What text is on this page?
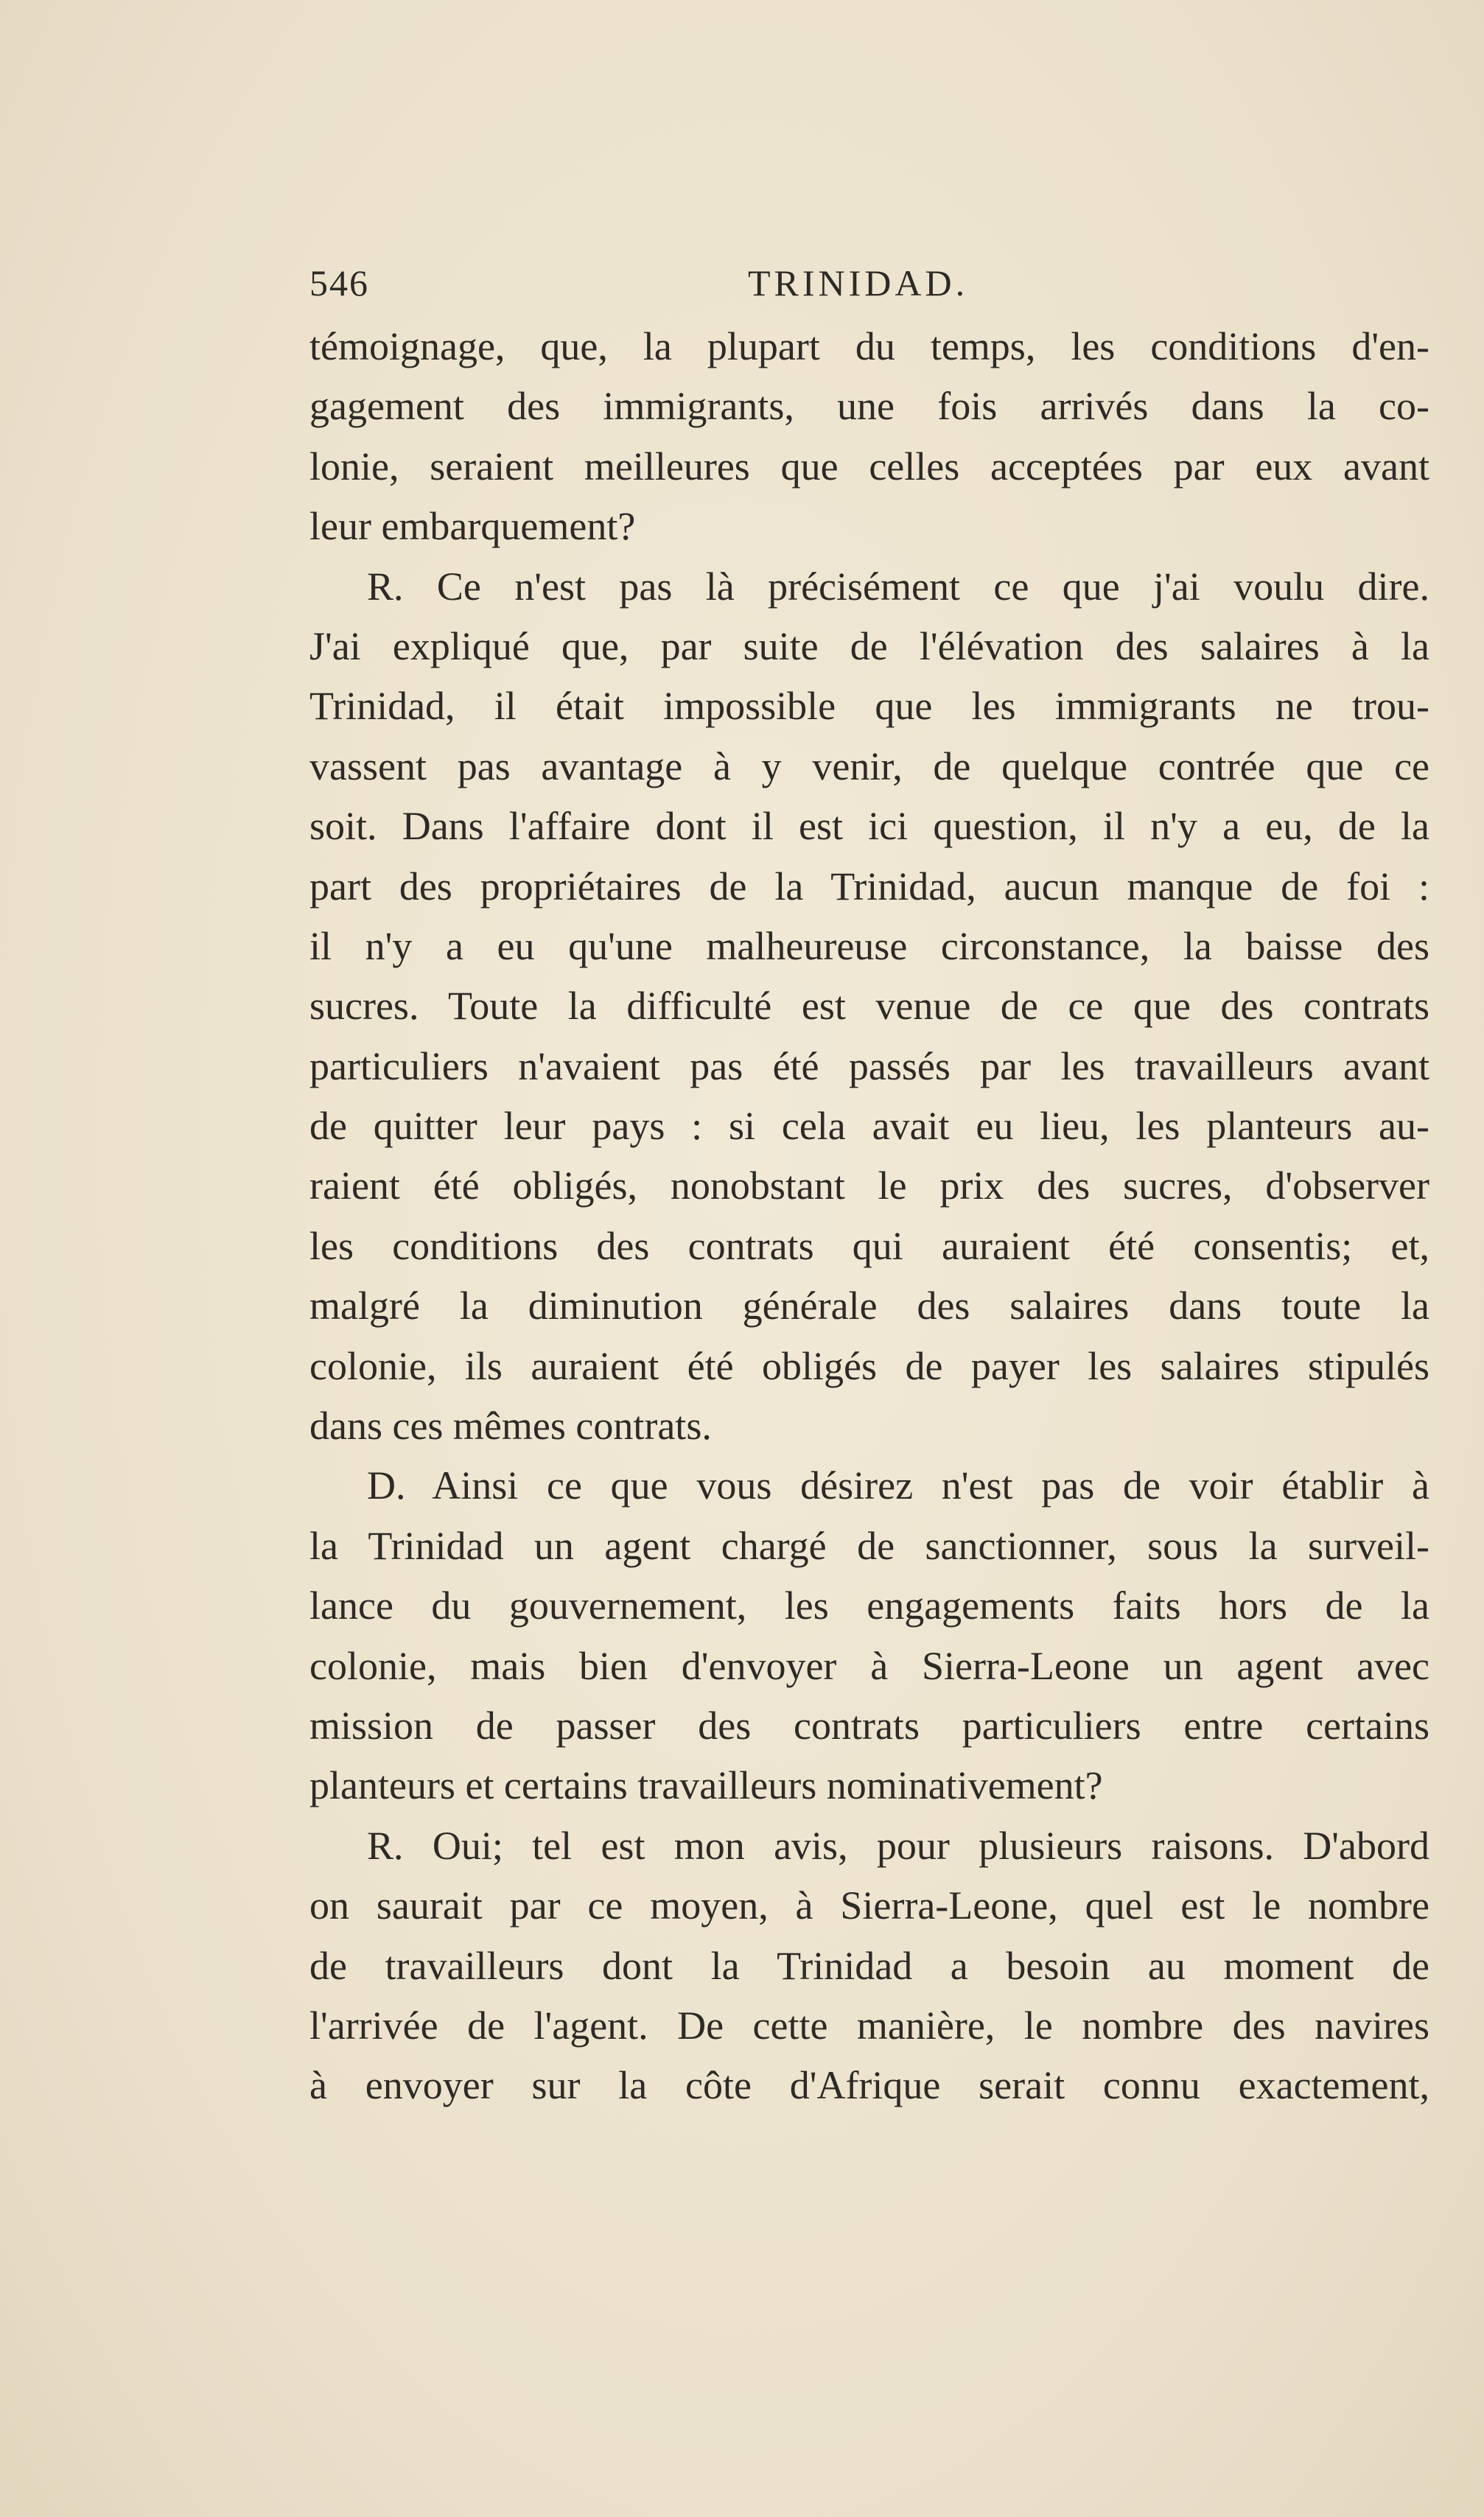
546	TRINIDAD.
témoignage, que, la plupart du temps, les conditions d'en-
gagement des immigrants, une fois arrivés dans la co-
lonie, seraient meilleures que celles acceptées par eux avant
leur embarquement?
R. Ce n'est pas là précisément ce que j'ai voulu dire.
J'ai expliqué que, par suite de l'élévation des salaires à la
Trinidad, il était impossible que les immigrants ne trou-
vassent pas avantage à y venir, de quelque contrée que ce
soit. Dans l'affaire dont il est ici question, il n'y a eu, de la
part des propriétaires de la Trinidad, aucun manque de foi :
il n'y a eu qu'une malheureuse circonstance, la baisse des
sucres. Toute la difficulté est venue de ce que des contrats
particuliers n'avaient pas été passés par les travailleurs avant
de quitter leur pays : si cela avait eu lieu, les planteurs au-
raient été obligés, nonobstant le prix des sucres, d'observer
les conditions des contrats qui auraient été consentis; et,
malgré la diminution générale des salaires dans toute la
colonie, ils auraient été obligés de payer les salaires stipulés
dans ces mêmes contrats.
D. Ainsi ce que vous désirez n'est pas de voir établir à
la Trinidad un agent chargé de sanctionner, sous la surveil-
lance du gouvernement, les engagements faits hors de la
colonie, mais bien d'envoyer à Sierra-Leone un agent avec
mission de passer des contrats particuliers entre certains
planteurs et certains travailleurs nominativement?
R. Oui; tel est mon avis, pour plusieurs raisons. D'abord
on saurait par ce moyen, à Sierra-Leone, quel est le nombre
de travailleurs dont la Trinidad a besoin au moment de
l'arrivée de l'agent. De cette manière, le nombre des navires
à envoyer sur la côte d'Afrique serait connu exactement,
